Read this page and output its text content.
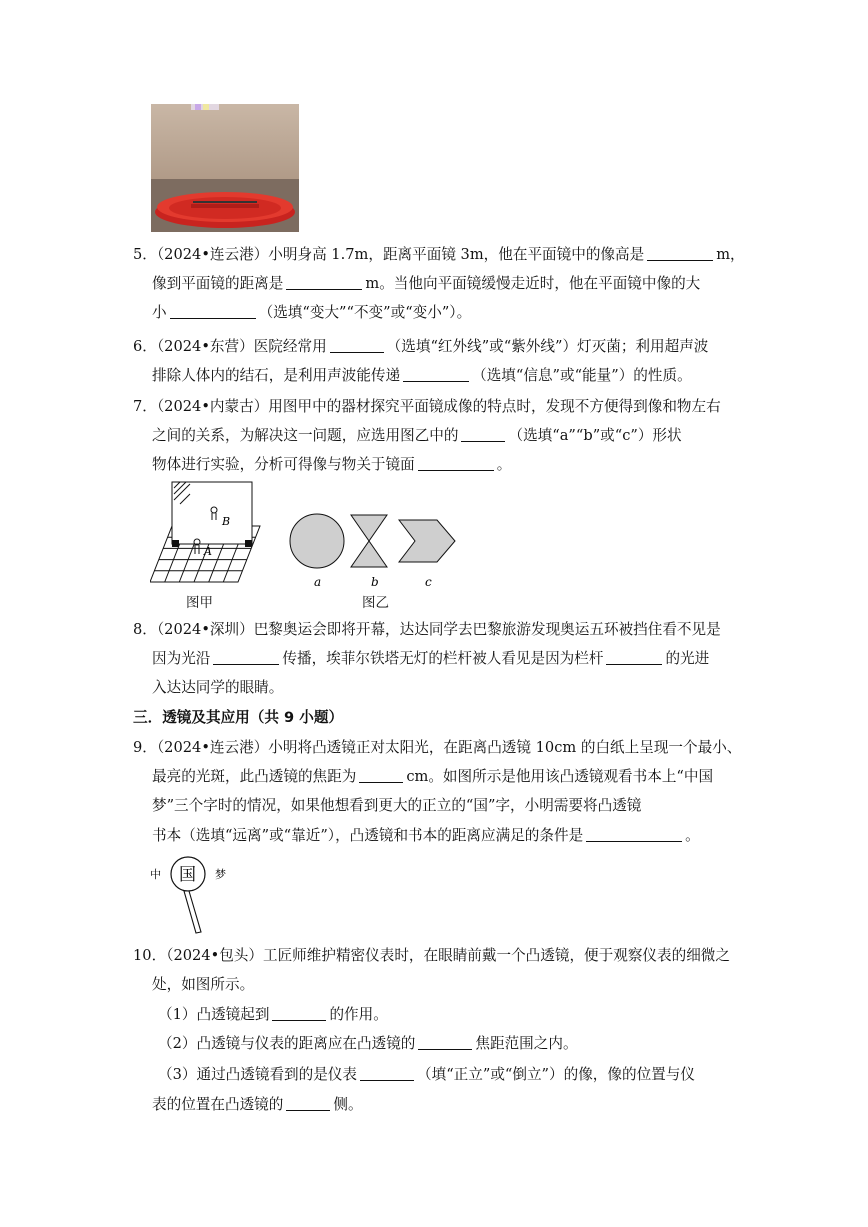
5．（2024•连云港）小明身高 1.7m，距离平面镜 3m，他在平面镜中的像高是	m，
像到平面镜的距离是	m。当他向平面镜缓慢走近时，他在平面镜中像的大
小	（选填“变大”“不变”或“变小”）。
6．（2024•东营）医院经常用	（选填“红外线”或“紫外线”）灯灭菌；利用超声波
排除人体内的结石，是利用声波能传递	（选填“信息”或“能量”）的性质。
7．（2024•内蒙古）用图甲中的器材探究平面镜成像的特点时，发现不方便得到像和物左右
之间的关系，为解决这一问题，应选用图乙中的	（选填“a”“b”或“c”）形状
物体进行实验，分析可得像与物关于镜面	。
B
A
a	b	c
图甲	图乙
8．（2024•深圳）巴黎奥运会即将开幕，达达同学去巴黎旅游发现奥运五环被挡住看不见是
因为光沿	传播，埃菲尔铁塔无灯的栏杆被人看见是因为栏杆	的光进
入达达同学的眼睛。
三．透镜及其应用（共 9 小题）
9．（2024•连云港）小明将凸透镜正对太阳光，在距离凸透镜 10cm 的白纸上呈现一个最小、
最亮的光斑，此凸透镜的焦距为	cm。如图所示是他用该凸透镜观看书本上“中国
梦”三个字时的情况，如果他想看到更大的正立的“国”字，小明需要将凸透镜
书本（选填“远离”或“靠近”），凸透镜和书本的距离应满足的条件是	。
中 国 梦
10．（2024•包头）工匠师维护精密仪表时，在眼睛前戴一个凸透镜，便于观察仪表的细微之
处，如图所示。
（1）凸透镜起到	的作用。
（2）凸透镜与仪表的距离应在凸透镜的	焦距范围之内。
（3）通过凸透镜看到的是仪表	（填“正立”或“倒立”）的像，像的位置与仪
表的位置在凸透镜的	侧。
